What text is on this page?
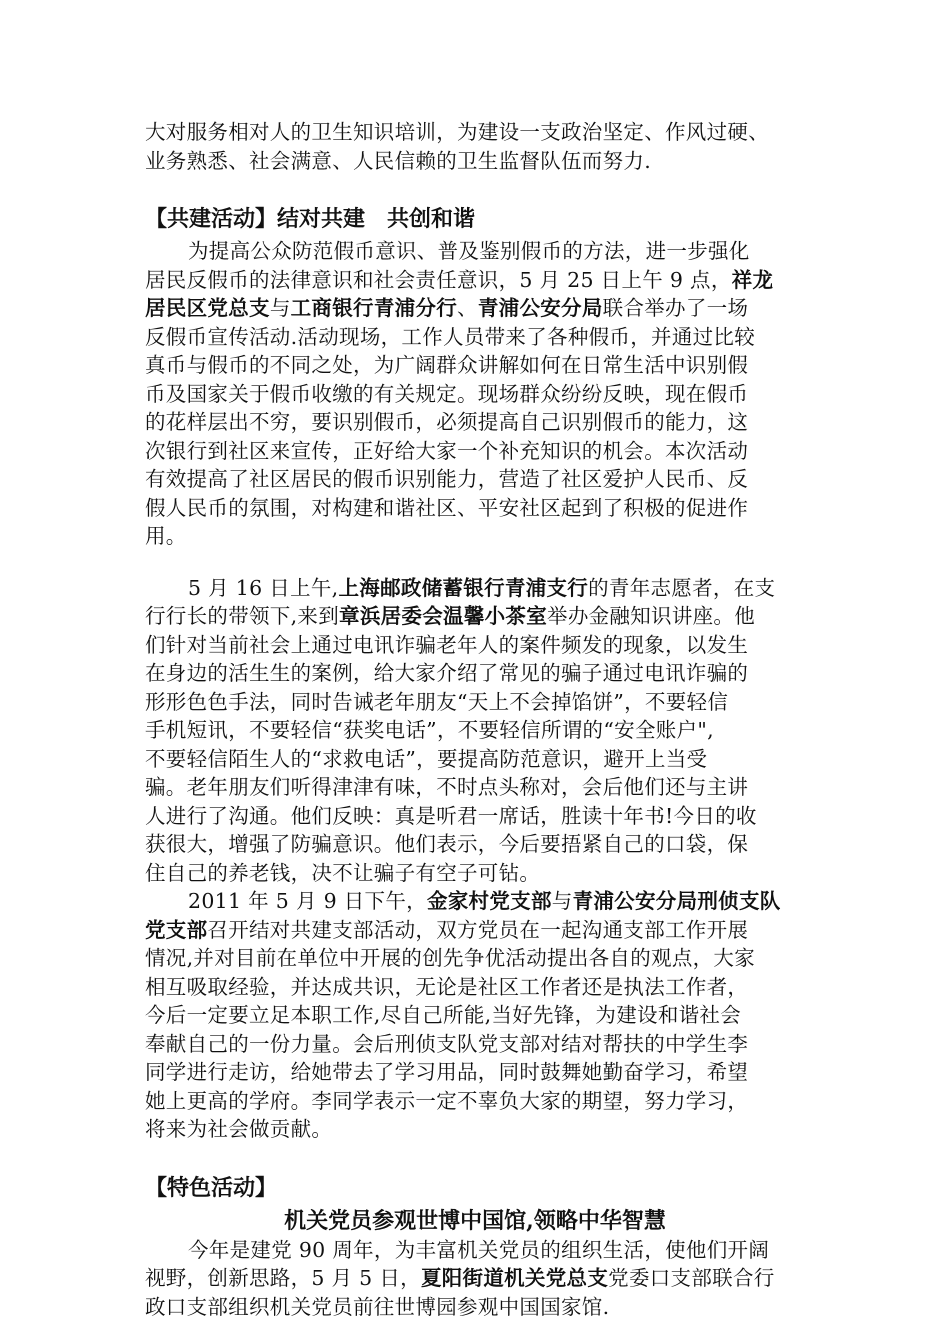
大对服务相对人的卫生知识培训，为建设一支政治坚定、作风过硬、
业务熟悉、社会满意、人民信赖的卫生监督队伍而努力.
【共建活动】结对共建　共创和谐
为提高公众防范假币意识、普及鉴别假币的方法，进一步强化
居民反假币的法律意识和社会责任意识，5 月 25 日上午 9 点，祥龙
居民区党总支与工商银行青浦分行、青浦公安分局联合举办了一场
反假币宣传活动.活动现场，工作人员带来了各种假币，并通过比较
真币与假币的不同之处，为广阔群众讲解如何在日常生活中识别假
币及国家关于假币收缴的有关规定。现场群众纷纷反映，现在假币
的花样层出不穷，要识别假币，必须提高自己识别假币的能力，这
次银行到社区来宣传，正好给大家一个补充知识的机会。本次活动
有效提高了社区居民的假币识别能力，营造了社区爱护人民币、反
假人民币的氛围，对构建和谐社区、平安社区起到了积极的促进作
用。
5 月 16 日上午,上海邮政储蓄银行青浦支行的青年志愿者，在支
行行长的带领下,来到章浜居委会温馨小茶室举办金融知识讲座。他
们针对当前社会上通过电讯诈骗老年人的案件频发的现象，以发生
在身边的活生生的案例，给大家介绍了常见的骗子通过电讯诈骗的
形形色色手法，同时告诫老年朋友“天上不会掉馅饼”，不要轻信
手机短讯，不要轻信“获奖电话”，不要轻信所谓的“安全账户",
不要轻信陌生人的“求救电话”，要提高防范意识，避开上当受
骗。老年朋友们听得津津有味，不时点头称对，会后他们还与主讲
人进行了沟通。他们反映：真是听君一席话，胜读十年书!今日的收
获很大，增强了防骗意识。他们表示，今后要捂紧自己的口袋，保
住自己的养老钱，决不让骗子有空子可钻。
2011 年 5 月 9 日下午，金家村党支部与青浦公安分局刑侦支队
党支部召开结对共建支部活动，双方党员在一起沟通支部工作开展
情况,并对目前在单位中开展的创先争优活动提出各自的观点，大家
相互吸取经验，并达成共识，无论是社区工作者还是执法工作者，
今后一定要立足本职工作,尽自己所能,当好先锋，为建设和谐社会
奉献自己的一份力量。会后刑侦支队党支部对结对帮扶的中学生李
同学进行走访，给她带去了学习用品，同时鼓舞她勤奋学习，希望
她上更高的学府。李同学表示一定不辜负大家的期望，努力学习，
将来为社会做贡献。
【特色活动】
机关党员参观世博中国馆,领略中华智慧
今年是建党 90 周年，为丰富机关党员的组织生活，使他们开阔
视野，创新思路，5 月 5 日，夏阳街道机关党总支党委口支部联合行
政口支部组织机关党员前往世博园参观中国国家馆.
